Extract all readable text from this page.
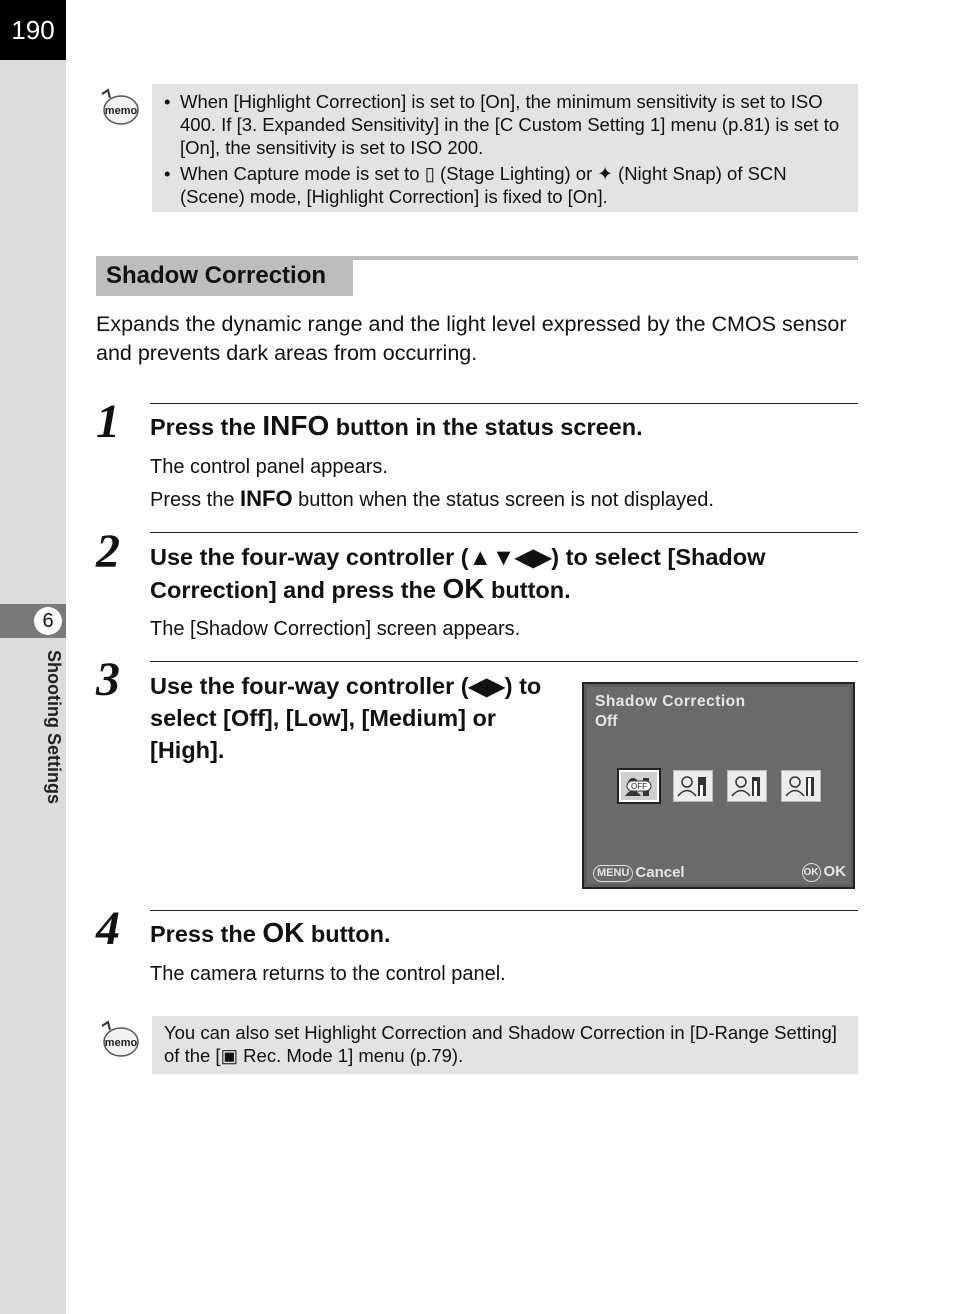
190
6
Shooting Settings
memo
•	When [Highlight Correction] is set to [On], the minimum sensitivity is set to ISO 400. If [3. Expanded Sensitivity] in the [C Custom Setting 1] menu (p.81) is set to [On], the sensitivity is set to ISO 200.
• When Capture mode is set to ▯ (Stage Lighting) or ✦ (Night Snap) of SCN (Scene) mode, [Highlight Correction] is fixed to [On].
Shadow Correction
Expands the dynamic range and the light level expressed by the CMOS sensor and prevents dark areas from occurring.
1 Press the INFO button in the status screen.
The control panel appears.
Press the INFO button when the status screen is not displayed.
2 Use the four-way controller (▲▼◀▶) to select [Shadow Correction] and press the OK button.
The [Shadow Correction] screen appears.
3 Use the four-way controller (◀▶) to select [Off], [Low], [Medium] or [High].
Shadow Correction
Off
OFF
MENU Cancel	OK OK
4 Press the OK button.
The camera returns to the control panel.
memo	You can also set Highlight Correction and Shadow Correction in [D-Range Setting] of the [▣ Rec. Mode 1] menu (p.79).
